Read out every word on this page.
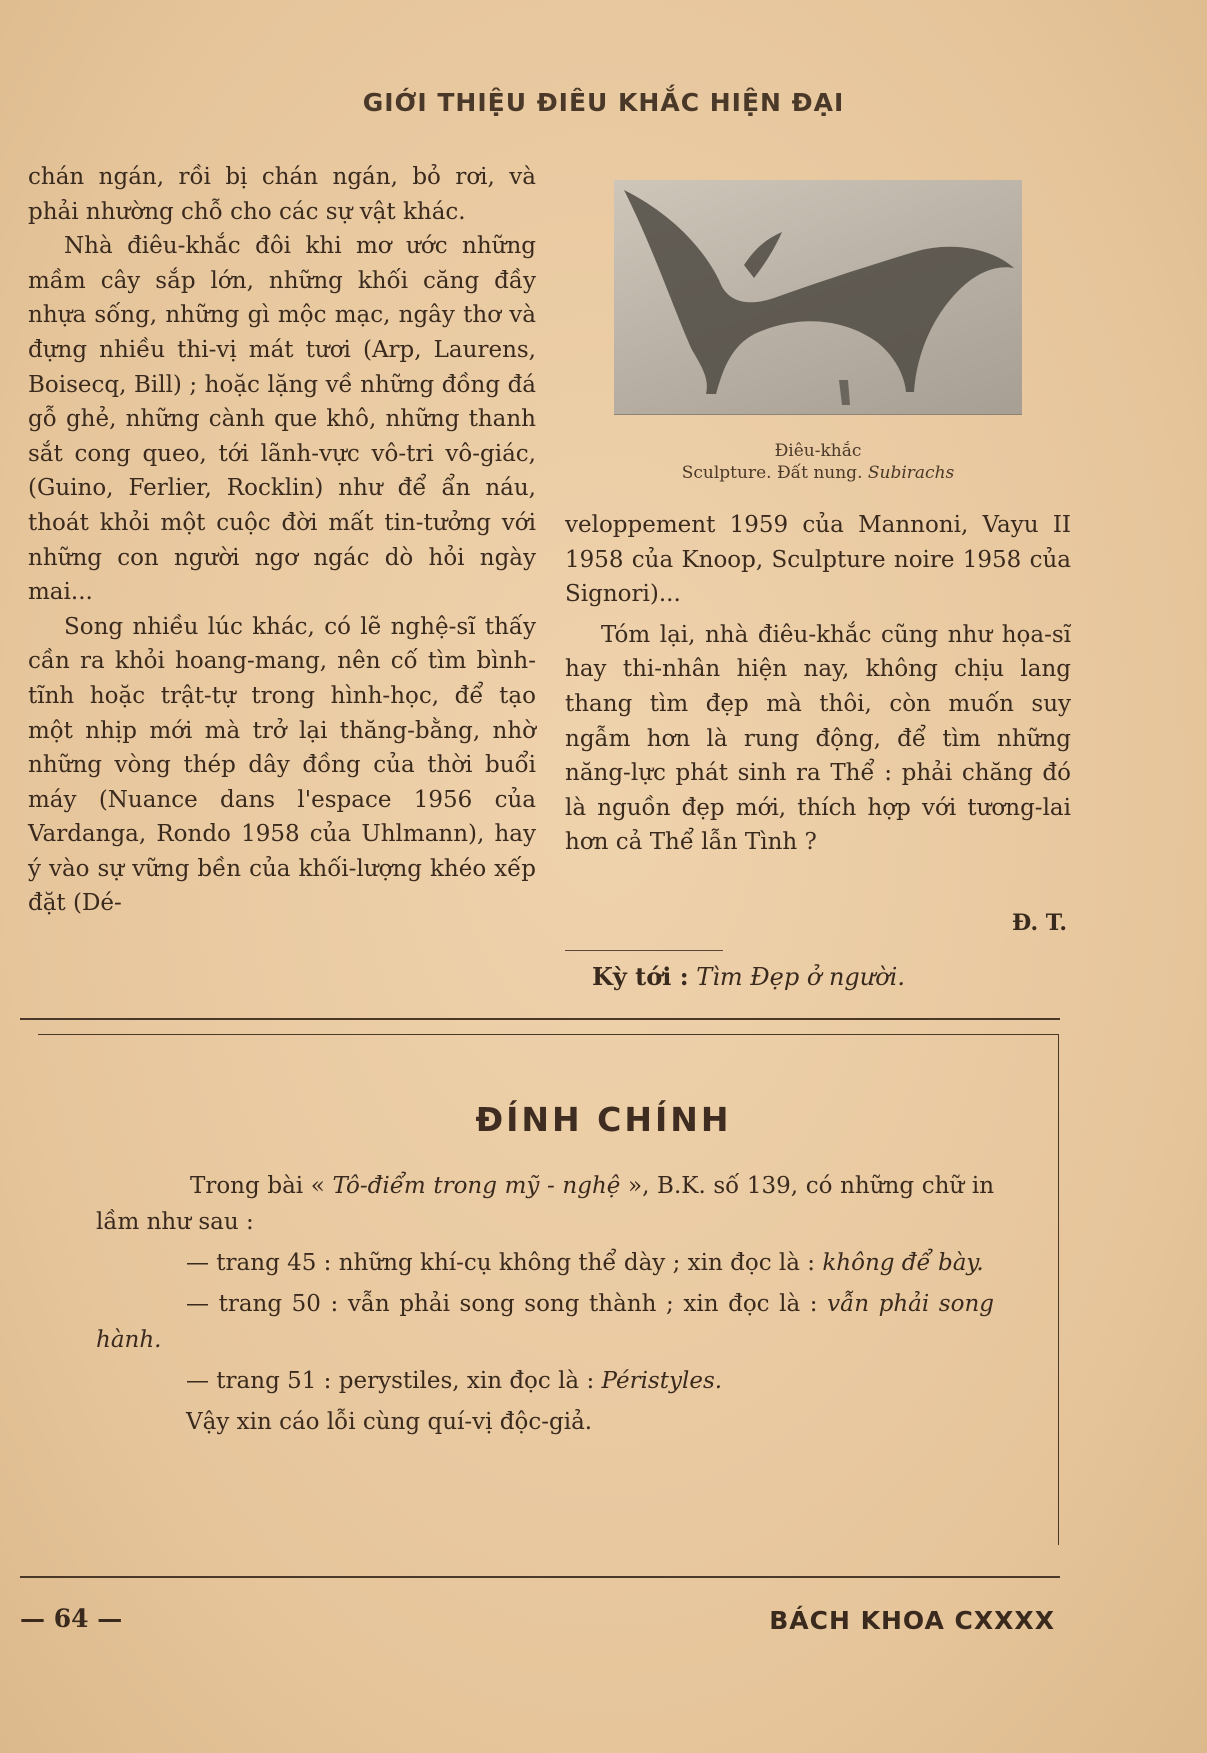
GIỚI THIỆU ĐIÊU KHẮC HIỆN ĐẠI

chán ngán, rồi bị chán ngán, bỏ rơi, và phải nhường chỗ cho các sự vật khác.

Nhà điêu-khắc đôi khi mơ ước những mầm cây sắp lớn, những khối căng đầy nhựa sống, những gì mộc mạc, ngây thơ và đựng nhiều thi-vị mát tươi (Arp, Laurens, Boisecq, Bill) ; hoặc lặng về những đồng đá gỗ ghẻ, những cành que khô, những thanh sắt cong queo, tới lãnh-vực vô-tri vô-giác, (Guino, Ferlier, Rocklin) như để ẩn náu, thoát khỏi một cuộc đời mất tin-tưởng với những con người ngơ ngác dò hỏi ngày mai...

Song nhiều lúc khác, có lẽ nghệ-sĩ thấy cần ra khỏi hoang-mang, nên cố tìm bình-tĩnh hoặc trật-tự trong hình-học, để tạo một nhịp mới mà trở lại thăng-bằng, nhờ những vòng thép dây đồng của thời buổi máy (Nuance dans l'espace 1956 của Vardanga, Rondo 1958 của Uhlmann), hay ý vào sự vững bền của khối-lượng khéo xếp đặt (Dé-

Điêu-khắc
Sculpture. Đất nung. Subirachs

veloppement 1959 của Mannoni, Vayu II 1958 của Knoop, Sculpture noire 1958 của Signori)...

Tóm lại, nhà điêu-khắc cũng như họa-sĩ hay thi-nhân hiện nay, không chịu lang thang tìm đẹp mà thôi, còn muốn suy ngẫm hơn là rung động, để tìm những năng-lực phát sinh ra Thể : phải chăng đó là nguồn đẹp mới, thích hợp với tương-lai hơn cả Thể lẫn Tình ?

Đ. T.
Kỳ tới : Tìm Đẹp ở người.
ĐÍNH CHÍNH

Trong bài « Tô-điểm trong mỹ - nghệ », B.K. số 139, có những chữ in lầm như sau :

— trang 45 : những khí-cụ không thể dày ; xin đọc là : không để bày.

— trang 50 : vẫn phải song song thành ; xin đọc là : vẫn phải song hành.

— trang 51 : perystiles, xin đọc là : Péristyles.

Vậy xin cáo lỗi cùng quí-vị độc-giả.

— 64 —	BÁCH KHOA CXXXX
